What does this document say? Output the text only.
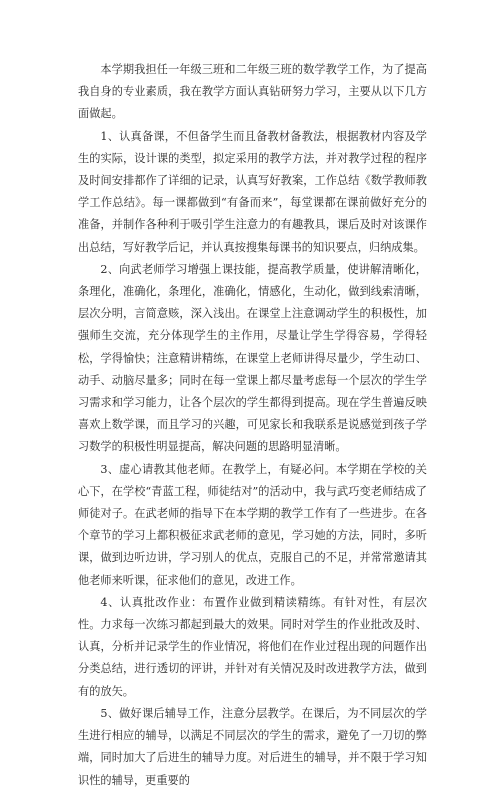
本学期我担任一年级三班和二年级三班的数学教学工作，为了提高我自身的专业素质，我在教学方面认真钻研努力学习，主要从以下几方面做起。

1、认真备课，不但备学生而且备教材备教法，根据教材内容及学生的实际，设计课的类型，拟定采用的教学方法，并对教学过程的程序及时间安排都作了详细的记录，认真写好教案，工作总结《数学教师教学工作总结》。每一课都做到“有备而来”，每堂课都在课前做好充分的准备，并制作各种利于吸引学生注意力的有趣教具，课后及时对该课作出总结，写好教学后记，并认真按搜集每课书的知识要点，归纳成集。

2、向武老师学习增强上课技能，提高教学质量，使讲解清晰化，条理化，准确化，条理化，准确化，情感化，生动化，做到线索清晰，层次分明，言简意赅，深入浅出。在课堂上注意调动学生的积极性，加强师生交流，充分体现学生的主作用，尽量让学生学得容易，学得轻松，学得愉快；注意精讲精练，在课堂上老师讲得尽量少，学生动口、动手、动脑尽量多；同时在每一堂课上都尽量考虑每一个层次的学生学习需求和学习能力，让各个层次的学生都得到提高。现在学生普遍反映喜欢上数学课，而且学习的兴趣，可见家长和我联系是说感觉到孩子学习数学的积极性明显提高，解决问题的思路明显清晰。

3、虚心请教其他老师。在教学上，有疑必问。本学期在学校的关心下，在学校“青蓝工程，师徒结对”的活动中，我与武巧变老师结成了师徒对子。在武老师的指导下在本学期的教学工作有了一些进步。在各个章节的学习上都积极征求武老师的意见，学习她的方法，同时，多听课，做到边听边讲，学习别人的优点，克服自己的不足，并常常邀请其他老师来听课，征求他们的意见，改进工作。

4、认真批改作业：布置作业做到精读精练。有针对性，有层次性。力求每一次练习都起到最大的效果。同时对学生的作业批改及时、认真，分析并记录学生的作业情况，将他们在作业过程出现的问题作出分类总结，进行透切的评讲，并针对有关情况及时改进教学方法，做到有的放矢。

5、做好课后辅导工作，注意分层教学。在课后，为不同层次的学生进行相应的辅导，以满足不同层次的学生的需求，避免了一刀切的弊端，同时加大了后进生的辅导力度。对后进生的辅导，并不限于学习知识性的辅导，更重要的
